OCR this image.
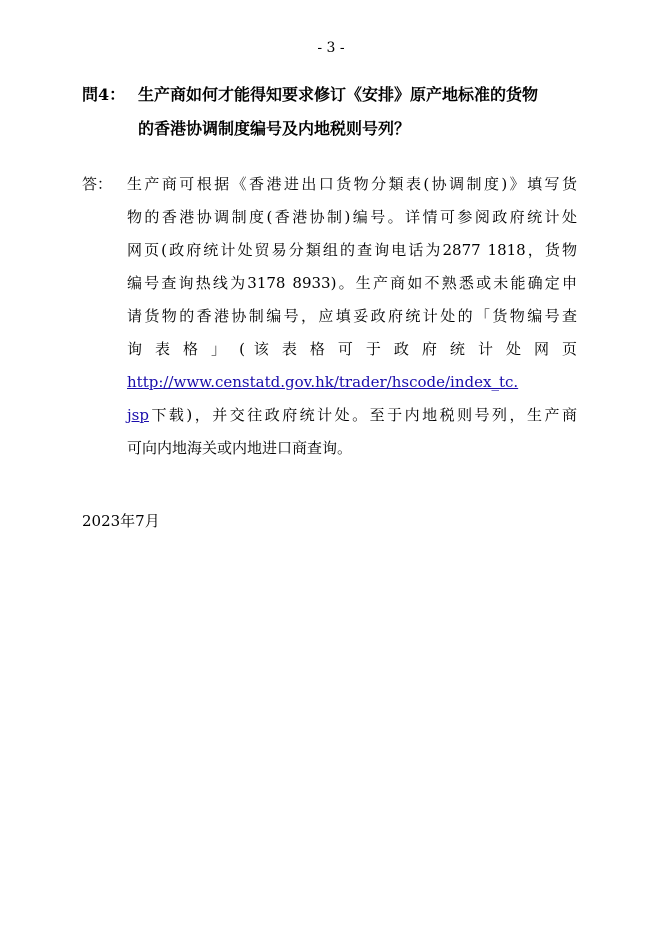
- 3 -
問4： 生产商如何才能得知要求修订《安排》原产地标准的货物
的香港协调制度编号及内地税则号列？
答： 生产商可根据《香港进出口货物分類表(协调制度)》填写货
物的香港协调制度(香港协制)编号。详情可参阅政府统计处
网页(政府统计处贸易分類组的查询电话为2877 1818，货物
编号查询热线为3178 8933)。生产商如不熟悉或未能确定申
请货物的香港协制编号，应填妥政府统计处的「货物编号查
询 表 格 」 ( 该 表 格 可 于 政 府 统 计 处 网 页
http://www.censtatd.gov.hk/trader/hscode/index_tc.
jsp下载)，并交往政府统计处。至于内地税则号列，生产商
可向内地海关或内地进口商查询。
2023年7月
